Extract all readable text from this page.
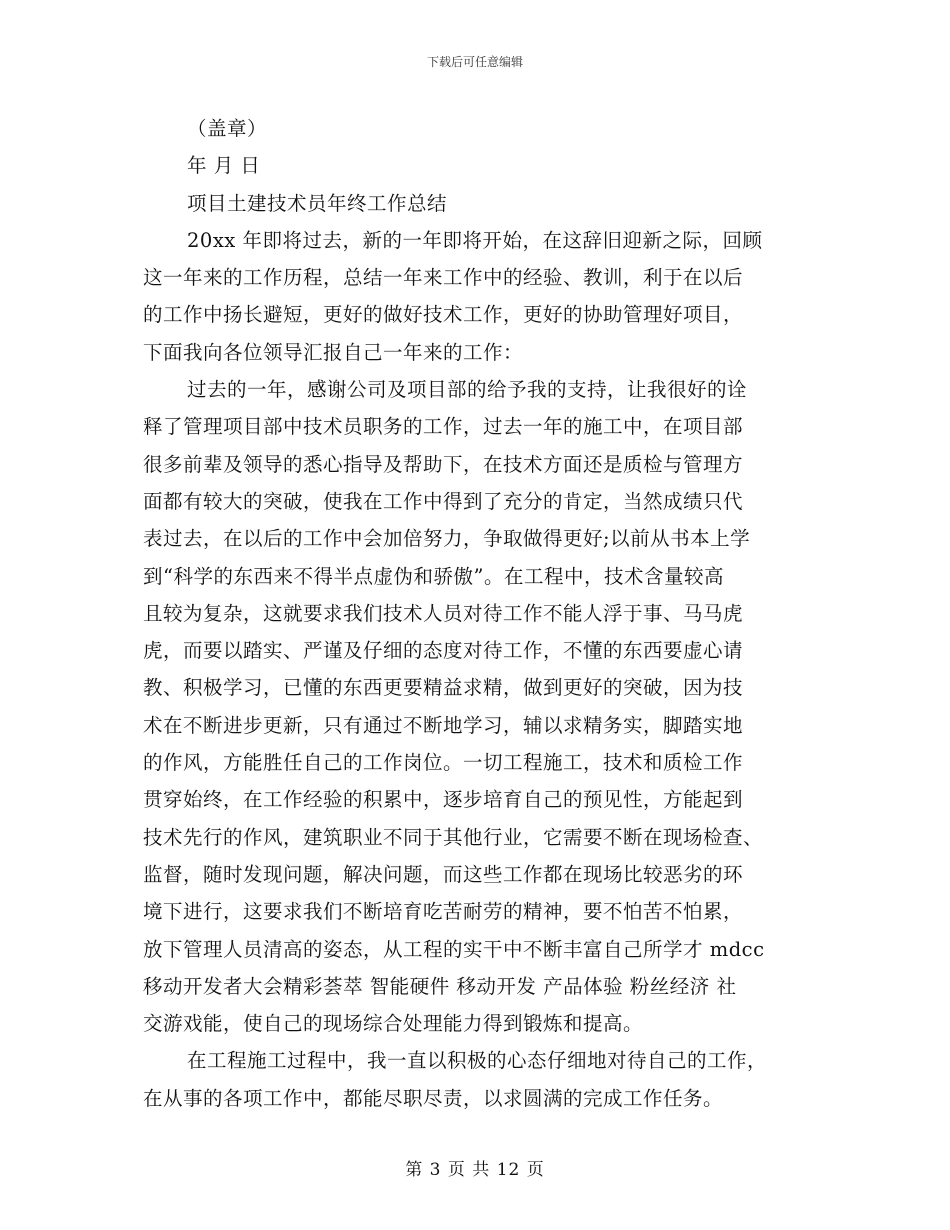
下载后可任意编辑
（盖章）
年 月 日
项目土建技术员年终工作总结
20xx 年即将过去，新的一年即将开始，在这辞旧迎新之际，回顾
这一年来的工作历程，总结一年来工作中的经验、教训，利于在以后
的工作中扬长避短，更好的做好技术工作，更好的协助管理好项目，
下面我向各位领导汇报自己一年来的工作：
过去的一年，感谢公司及项目部的给予我的支持，让我很好的诠
释了管理项目部中技术员职务的工作，过去一年的施工中，在项目部
很多前辈及领导的悉心指导及帮助下，在技术方面还是质检与管理方
面都有较大的突破，使我在工作中得到了充分的肯定，当然成绩只代
表过去，在以后的工作中会加倍努力，争取做得更好;以前从书本上学
到“科学的东西来不得半点虚伪和骄傲”。在工程中，技术含量较高
且较为复杂，这就要求我们技术人员对待工作不能人浮于事、马马虎
虎，而要以踏实、严谨及仔细的态度对待工作，不懂的东西要虚心请
教、积极学习，已懂的东西更要精益求精，做到更好的突破，因为技
术在不断进步更新，只有通过不断地学习，辅以求精务实，脚踏实地
的作风，方能胜任自己的工作岗位。一切工程施工，技术和质检工作
贯穿始终，在工作经验的积累中，逐步培育自己的预见性，方能起到
技术先行的作风，建筑职业不同于其他行业，它需要不断在现场检查、
监督，随时发现问题，解决问题，而这些工作都在现场比较恶劣的环
境下进行，这要求我们不断培育吃苦耐劳的精神，要不怕苦不怕累，
放下管理人员清高的姿态，从工程的实干中不断丰富自己所学才 mdcc
移动开发者大会精彩荟萃 智能硬件 移动开发 产品体验 粉丝经济 社
交游戏能，使自己的现场综合处理能力得到锻炼和提高。
在工程施工过程中，我一直以积极的心态仔细地对待自己的工作，
在从事的各项工作中，都能尽职尽责，以求圆满的完成工作任务。
第 3 页 共 12 页
